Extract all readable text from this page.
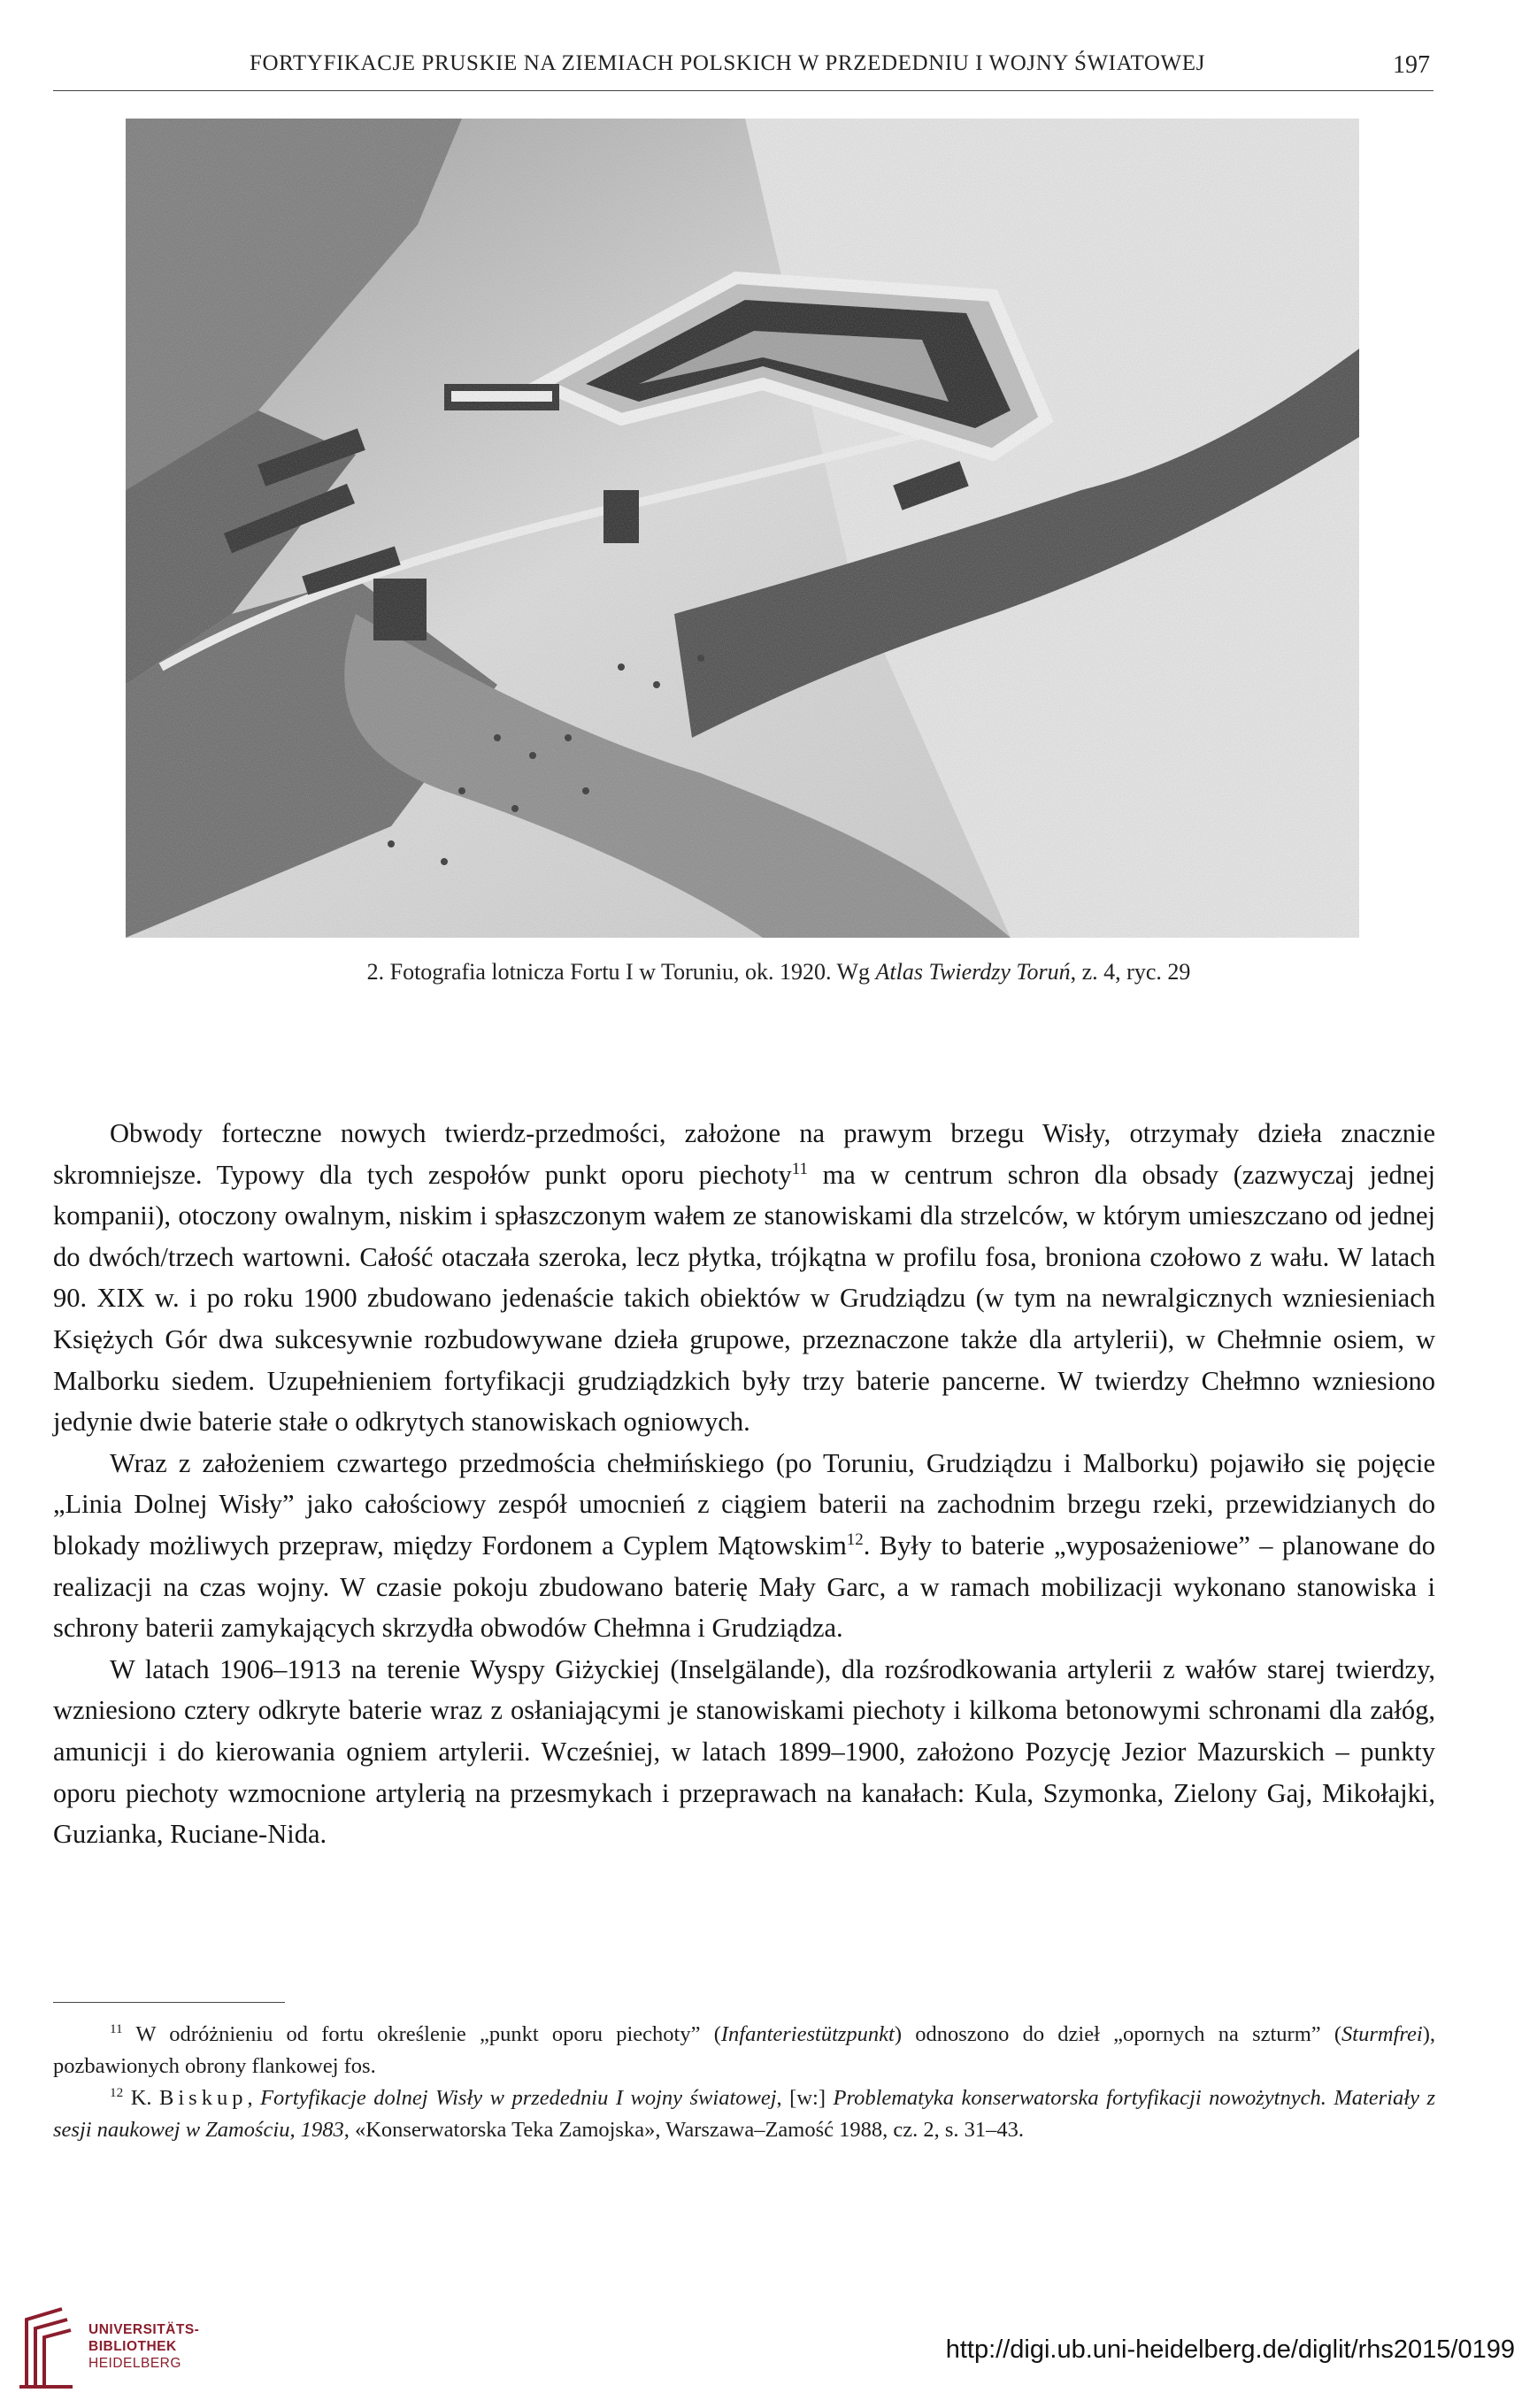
FORTYFIKACJE PRUSKIE NA ZIEMIACH POLSKICH W PRZEDEDNIU I WOJNY ŚWIATOWEJ	197
2. Fotografia lotnicza Fortu I w Toruniu, ok. 1920. Wg Atlas Twierdzy Toruń, z. 4, ryc. 29

Obwody forteczne nowych twierdz-przedmości, założone na prawym brzegu Wisły, otrzymały dzieła znacznie skromniejsze. Typowy dla tych zespołów punkt oporu piechoty$^{11}$ ma w centrum schron dla obsady (zazwyczaj jednej kompanii), otoczony owalnym, niskim i spłaszczonym wałem ze stanowiskami dla strzelców, w którym umieszczano od jednej do dwóch/trzech wartowni. Całość otaczała szeroka, lecz płytka, trójkątna w profilu fosa, broniona czołowo z wału. W latach 90. XIX w. i po roku 1900 zbudowano jedenaście takich obiektów w Grudziądzu (w tym na newralgicznych wzniesieniach Księżych Gór dwa sukcesywnie rozbudowywane dzieła grupowe, przeznaczone także dla artylerii), w Chełmnie osiem, w Malborku siedem. Uzupełnieniem fortyfikacji grudziądzkich były trzy baterie pancerne. W twierdzy Chełmno wzniesiono jedynie dwie baterie stałe o odkrytych stanowiskach ogniowych.

Wraz z założeniem czwartego przedmościa chełmińskiego (po Toruniu, Grudziądzu i Malborku) pojawiło się pojęcie „Linia Dolnej Wisły” jako całościowy zespół umocnień z ciągiem baterii na zachodnim brzegu rzeki, przewidzianych do blokady możliwych przepraw, między Fordonem a Cyplem Mątowskim$^{12}$. Były to baterie „wyposażeniowe” – planowane do realizacji na czas wojny. W czasie pokoju zbudowano baterię Mały Garc, a w ramach mobilizacji wykonano stanowiska i schrony baterii zamykających skrzydła obwodów Chełmna i Grudziądza.

W latach 1906–1913 na terenie Wyspy Giżyckiej (Inselgälande), dla rozśrodkowania artylerii z wałów starej twierdzy, wzniesiono cztery odkryte baterie wraz z osłaniającymi je stanowiskami piechoty i kilkoma betonowymi schronami dla załóg, amunicji i do kierowania ogniem artylerii. Wcześniej, w latach 1899–1900, założono Pozycję Jezior Mazurskich – punkty oporu piechoty wzmocnione artylerią na przesmykach i przeprawach na kanałach: Kula, Szymonka, Zielony Gaj, Mikołajki, Guzianka, Ruciane-Nida.

$^{11}$ W odróżnieniu od fortu określenie „punkt oporu piechoty” (Infanteriestützpunkt) odnoszono do dzieł „opornych na szturm” (Sturmfrei), pozbawionych obrony flankowej fos.

$^{12}$ K. Biskup, Fortyfikacje dolnej Wisły w przededniu I wojny światowej, [w:] Problematyka konserwatorska fortyfikacji nowożytnych. Materiały z sesji naukowej w Zamościu, 1983, «Konserwatorska Teka Zamojska», Warszawa–Zamość 1988, cz. 2, s. 31–43.

UNIVERSITÄTS-
BIBLIOTHEK
HEIDELBERG	http://digi.ub.uni-heidelberg.de/diglit/rhs2015/0199
